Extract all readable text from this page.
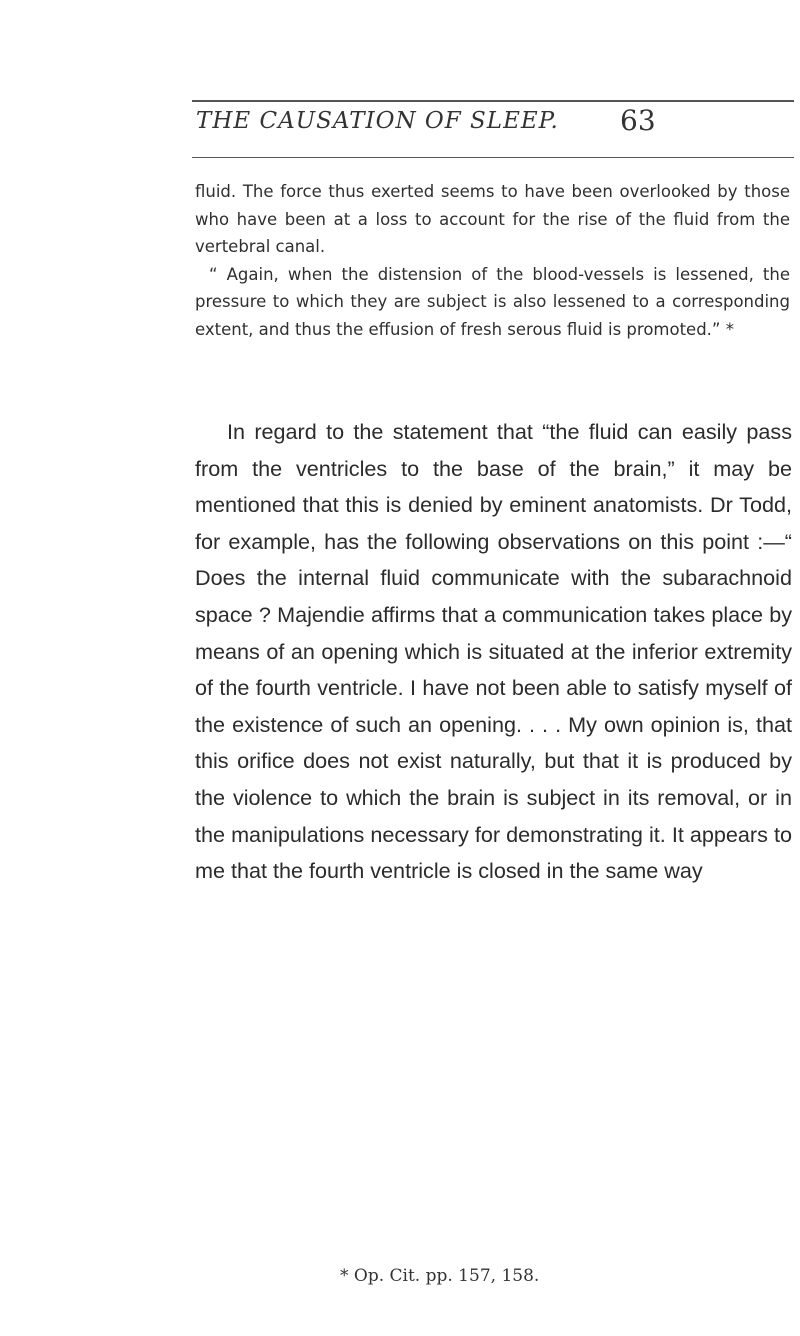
THE CAUSATION OF SLEEP.	63

fluid. The force thus exerted seems to have been overlooked by those who have been at a loss to account for the rise of the fluid from the vertebral canal.

“ Again, when the distension of the blood-vessels is lessened, the pressure to which they are subject is also lessened to a corresponding extent, and thus the effusion of fresh serous fluid is promoted.” *

In regard to the statement that “the fluid can easily pass from the ventricles to the base of the brain,” it may be mentioned that this is denied by eminent anatomists. Dr Todd, for example, has the following observations on this point :—“ Does the internal fluid communicate with the subarachnoid space ? Majendie affirms that a communication takes place by means of an opening which is situated at the inferior extremity of the fourth ventricle. I have not been able to satisfy myself of the existence of such an opening. . . . My own opinion is, that this orifice does not exist naturally, but that it is produced by the violence to which the brain is subject in its removal, or in the manipulations necessary for demonstrating it. It appears to me that the fourth ventricle is closed in the same way

* Op. Cit. pp. 157, 158.
